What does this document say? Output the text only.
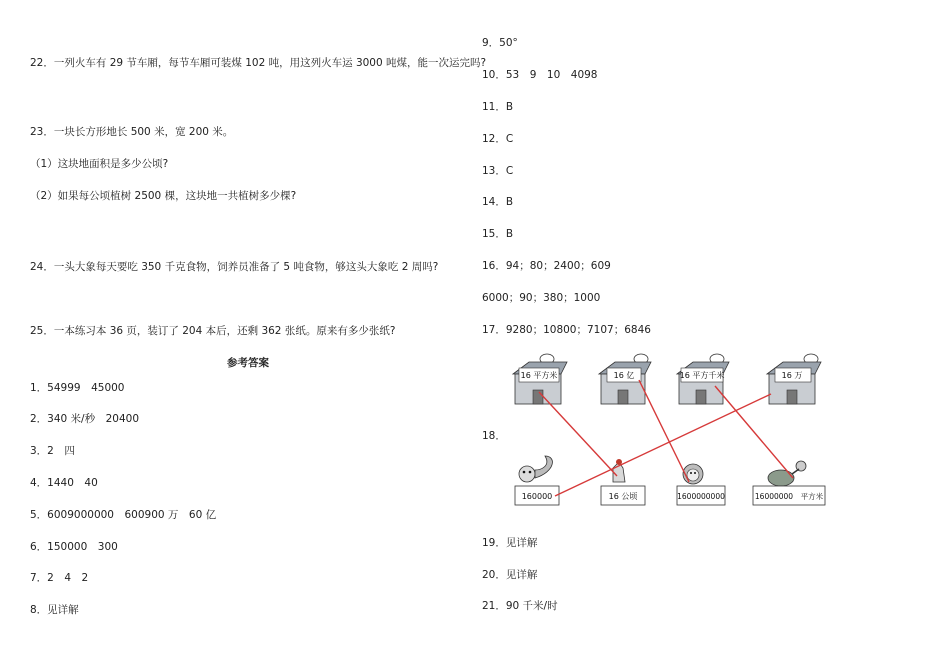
22．一列火车有 29 节车厢，每节车厢可装煤 102 吨，用这列火车运 3000 吨煤，能一次运完吗?
23．一块长方形地长 500 米，宽 200 米。
（1）这块地面积是多少公顷?
（2）如果每公顷植树 2500 棵，这块地一共植树多少棵?
24．一头大象每天要吃 350 千克食物，饲养员准备了 5 吨食物，够这头大象吃 2 周吗?
25．一本练习本 36 页，装订了 204 本后，还剩 362 张纸。原来有多少张纸?
参考答案
1．54999　45000
2．340 米/秒　20400
3．2　四
4．1440　40
5．6009000000　600900 万　60 亿
6．150000　300
7．2　4　2
8．见详解
9．50°
10．53　9　10　4098
11．B
12．C
13．C
14．B
15．B
16．94；80；2400；609
6000；90；380；1000
17．9280；10800；7107；6846
18．
19．见详解
20．见详解
21．90 千米/时
16 平方米	16 亿	16 平方千米	16 万
160000	16 公顷	1600000000	16000000　平方米
